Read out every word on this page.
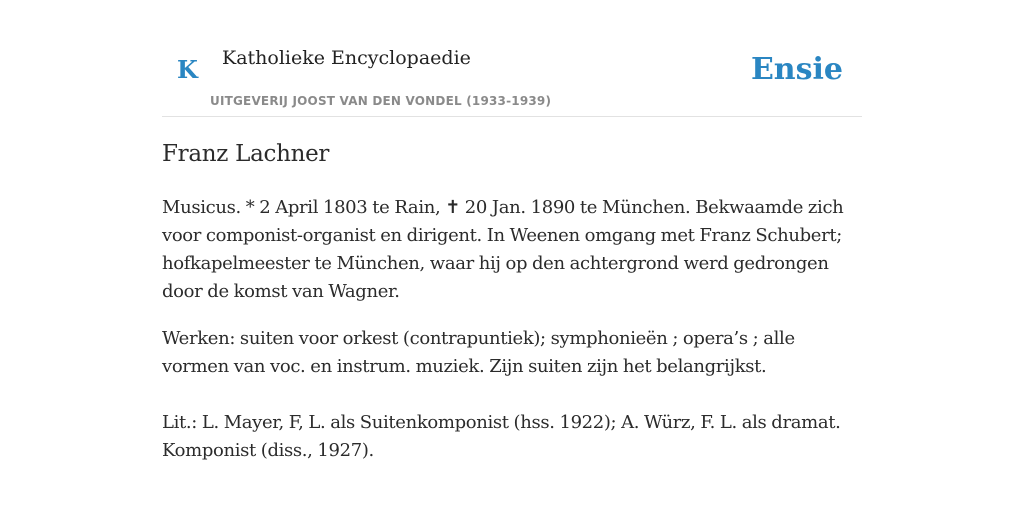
K Katholieke Encyclopaedie
UITGEVERIJ JOOST VAN DEN VONDEL (1933-1939)
Ensie
Franz Lachner

Musicus. * 2 April 1803 te Rain, ✝ 20 Jan. 1890 te München. Bekwaamde zich voor componist-organist en dirigent. In Weenen omgang met Franz Schubert; hofkapelmeester te München, waar hij op den achtergrond werd gedrongen door de komst van Wagner.

Werken: suiten voor orkest (contrapuntiek); symphonieën ; opera’s ; alle vormen van voc. en instrum. muziek. Zijn suiten zijn het belangrijkst.

Lit.: L. Mayer, F, L. als Suitenkomponist (hss. 1922); A. Würz, F. L. als dramat. Komponist (diss., 1927).
